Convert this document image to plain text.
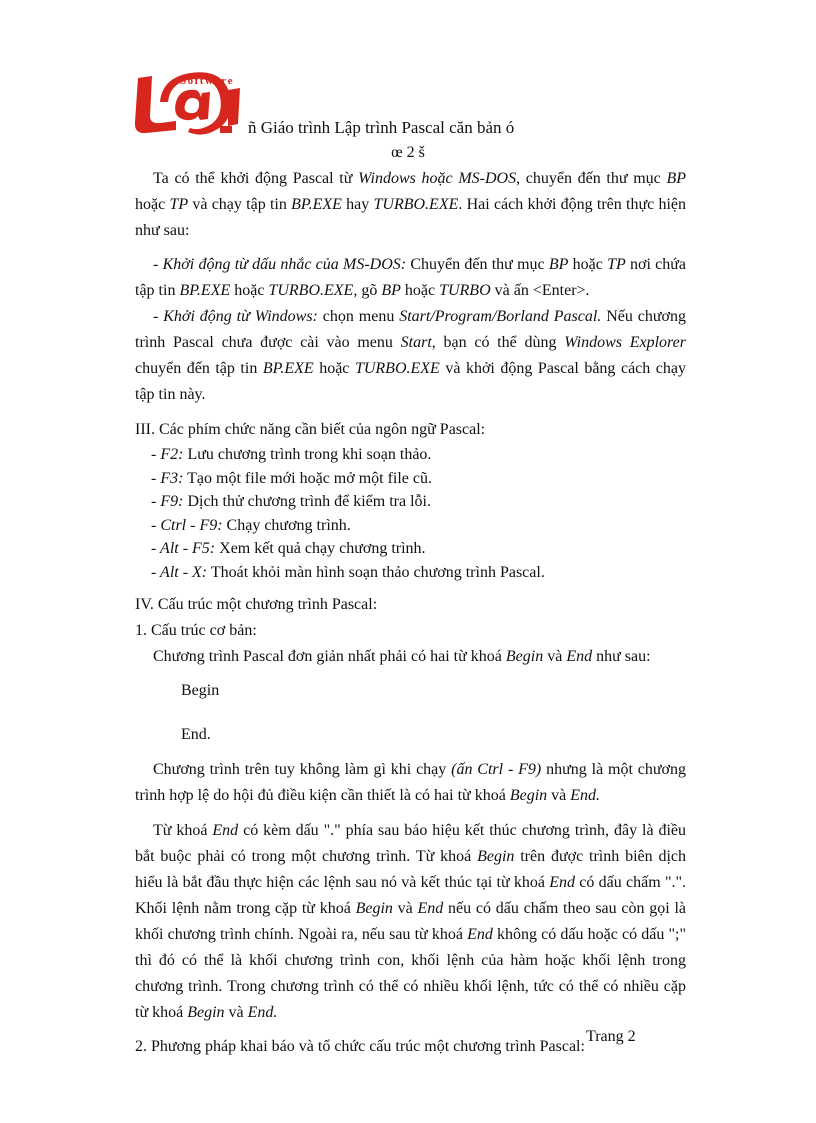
Software
ñ Giáo trình Lập trình Pascal căn bản ó
œ 2 š

Ta có thể khởi động Pascal từ Windows hoặc MS-DOS, chuyển đến thư mục BP hoặc TP và chạy tập tin BP.EXE hay TURBO.EXE. Hai cách khởi động trên thực hiện như sau:

- Khởi động từ dấu nhắc của MS-DOS: Chuyển đến thư mục BP hoặc TP nơi chứa tập tin BP.EXE hoặc TURBO.EXE, gõ BP hoặc TURBO và ấn <Enter>.

- Khởi động từ Windows: chọn menu Start/Program/Borland Pascal. Nếu chương trình Pascal chưa được cài vào menu Start, bạn có thể dùng Windows Explorer chuyển đến tập tin BP.EXE hoặc TURBO.EXE và khởi động Pascal bằng cách chạy tập tin này.

III. Các phím chức năng cần biết của ngôn ngữ Pascal:

- F2: Lưu chương trình trong khi soạn thảo.
- F3: Tạo một file mới hoặc mở một file cũ.
- F9: Dịch thử chương trình để kiểm tra lỗi.
- Ctrl - F9: Chạy chương trình.
- Alt - F5: Xem kết quả chạy chương trình.
- Alt - X: Thoát khỏi màn hình soạn thảo chương trình Pascal.

IV. Cấu trúc một chương trình Pascal:

1. Cấu trúc cơ bản:

Chương trình Pascal đơn giản nhất phải có hai từ khoá Begin và End như sau:

Begin
End.

Chương trình trên tuy không làm gì khi chạy (ấn Ctrl - F9) nhưng là một chương trình hợp lệ do hội đủ điều kiện cần thiết là có hai từ khoá Begin và End.

Từ khoá End có kèm dấu "." phía sau báo hiệu kết thúc chương trình, đây là điều bắt buộc phải có trong một chương trình. Từ khoá Begin trên được trình biên dịch hiểu là bắt đầu thực hiện các lệnh sau nó và kết thúc tại từ khoá End có dấu chấm ".". Khối lệnh nằm trong cặp từ khoá Begin và End nếu có dấu chấm theo sau còn gọi là khối chương trình chính. Ngoài ra, nếu sau từ khoá End không có dấu hoặc có dấu ";" thì đó có thể là khối chương trình con, khối lệnh của hàm hoặc khối lệnh trong chương trình. Trong chương trình có thể có nhiều khối lệnh, tức có thể có nhiều cặp từ khoá Begin và End.

2. Phương pháp khai báo và tổ chức cấu trúc một chương trình Pascal:

Trang 2
